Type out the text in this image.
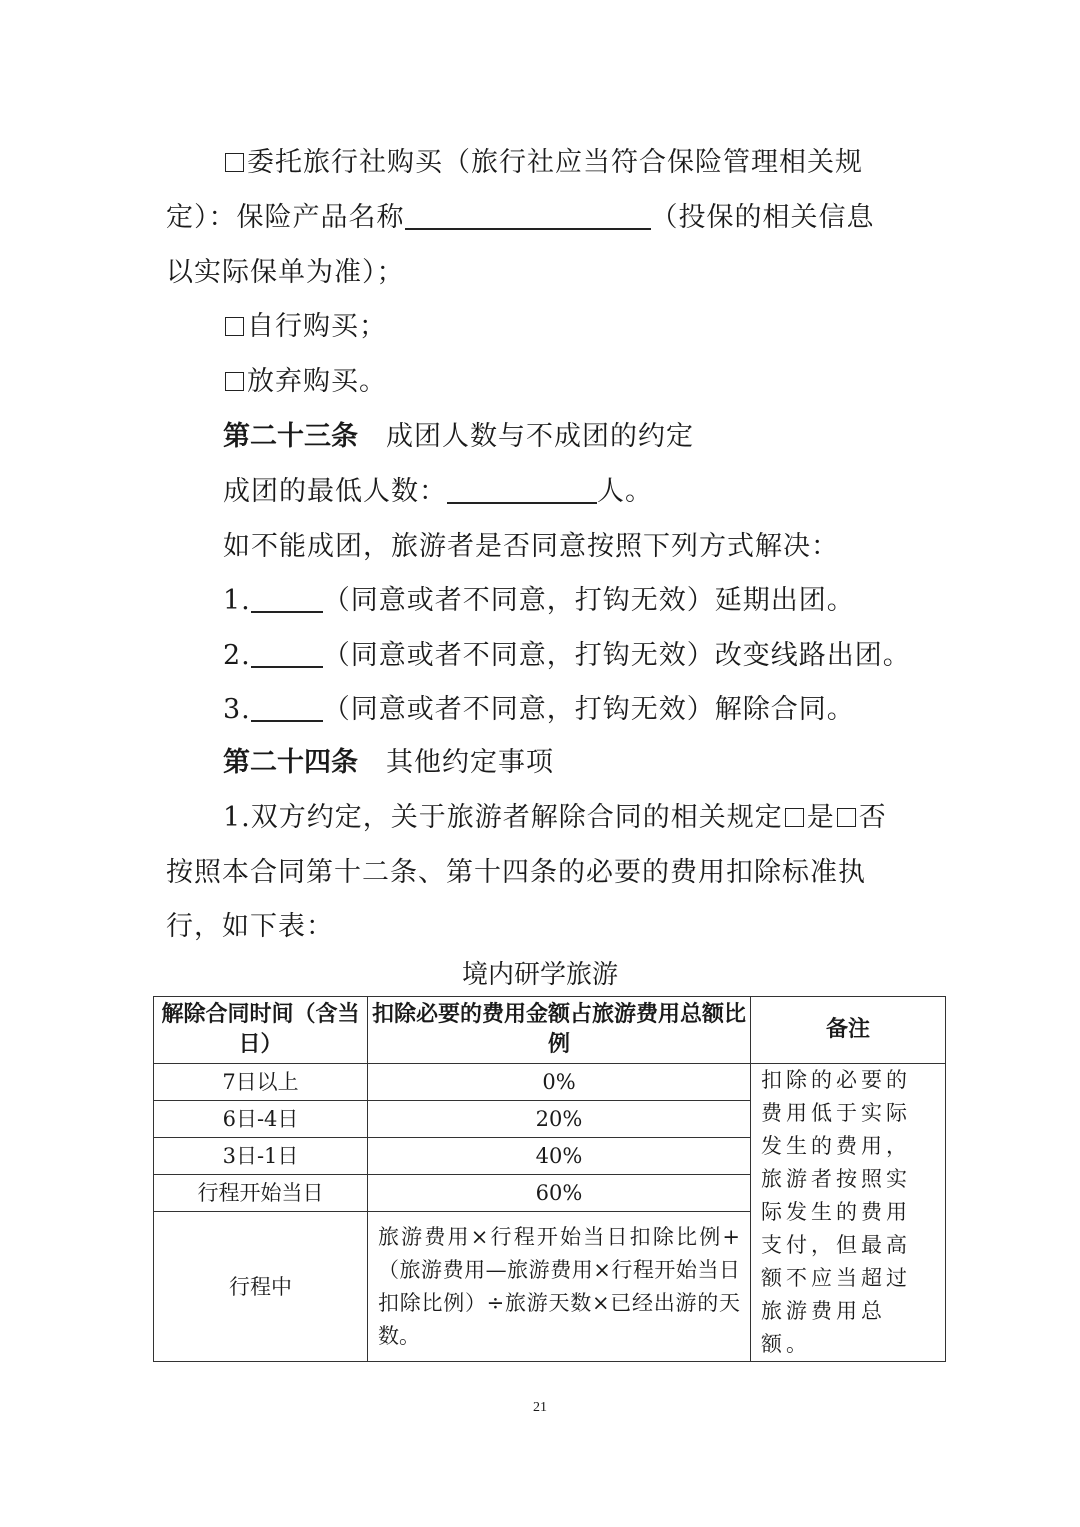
委托旅行社购买（旅行社应当符合保险管理相关规
定）：保险产品名称	（投保的相关信息
以实际保单为准）；
自行购买；
放弃购买。
第二十三条 成团人数与不成团的约定
成团的最低人数：	人。
如不能成团，旅游者是否同意按照下列方式解决：
1.	（同意或者不同意，打钩无效）延期出团。
2.	（同意或者不同意，打钩无效）改变线路出团。
3.	（同意或者不同意，打钩无效）解除合同。
第二十四条 其他约定事项
1.双方约定，关于旅游者解除合同的相关规定 是 否
按照本合同第十二条、第十四条的必要的费用扣除标准执
行，如下表：
境内研学旅游
解除合同时间（含当日）	扣除必要的费用金额占旅游费用总额比例	备注
7日以上	0%	扣除的必要的费用低于实际发生的费用，旅游者按照实际发生的费用支付，但最高额不应当超过旅游费用总额。
6日-4日	20%	
3日-1日	40%	
行程开始当日	60%	
行程中	旅游费用×行程开始当日扣除比例+（旅游费用—旅游费用×行程开始当日扣除比例）÷旅游天数×已经出游的天数。	
21
